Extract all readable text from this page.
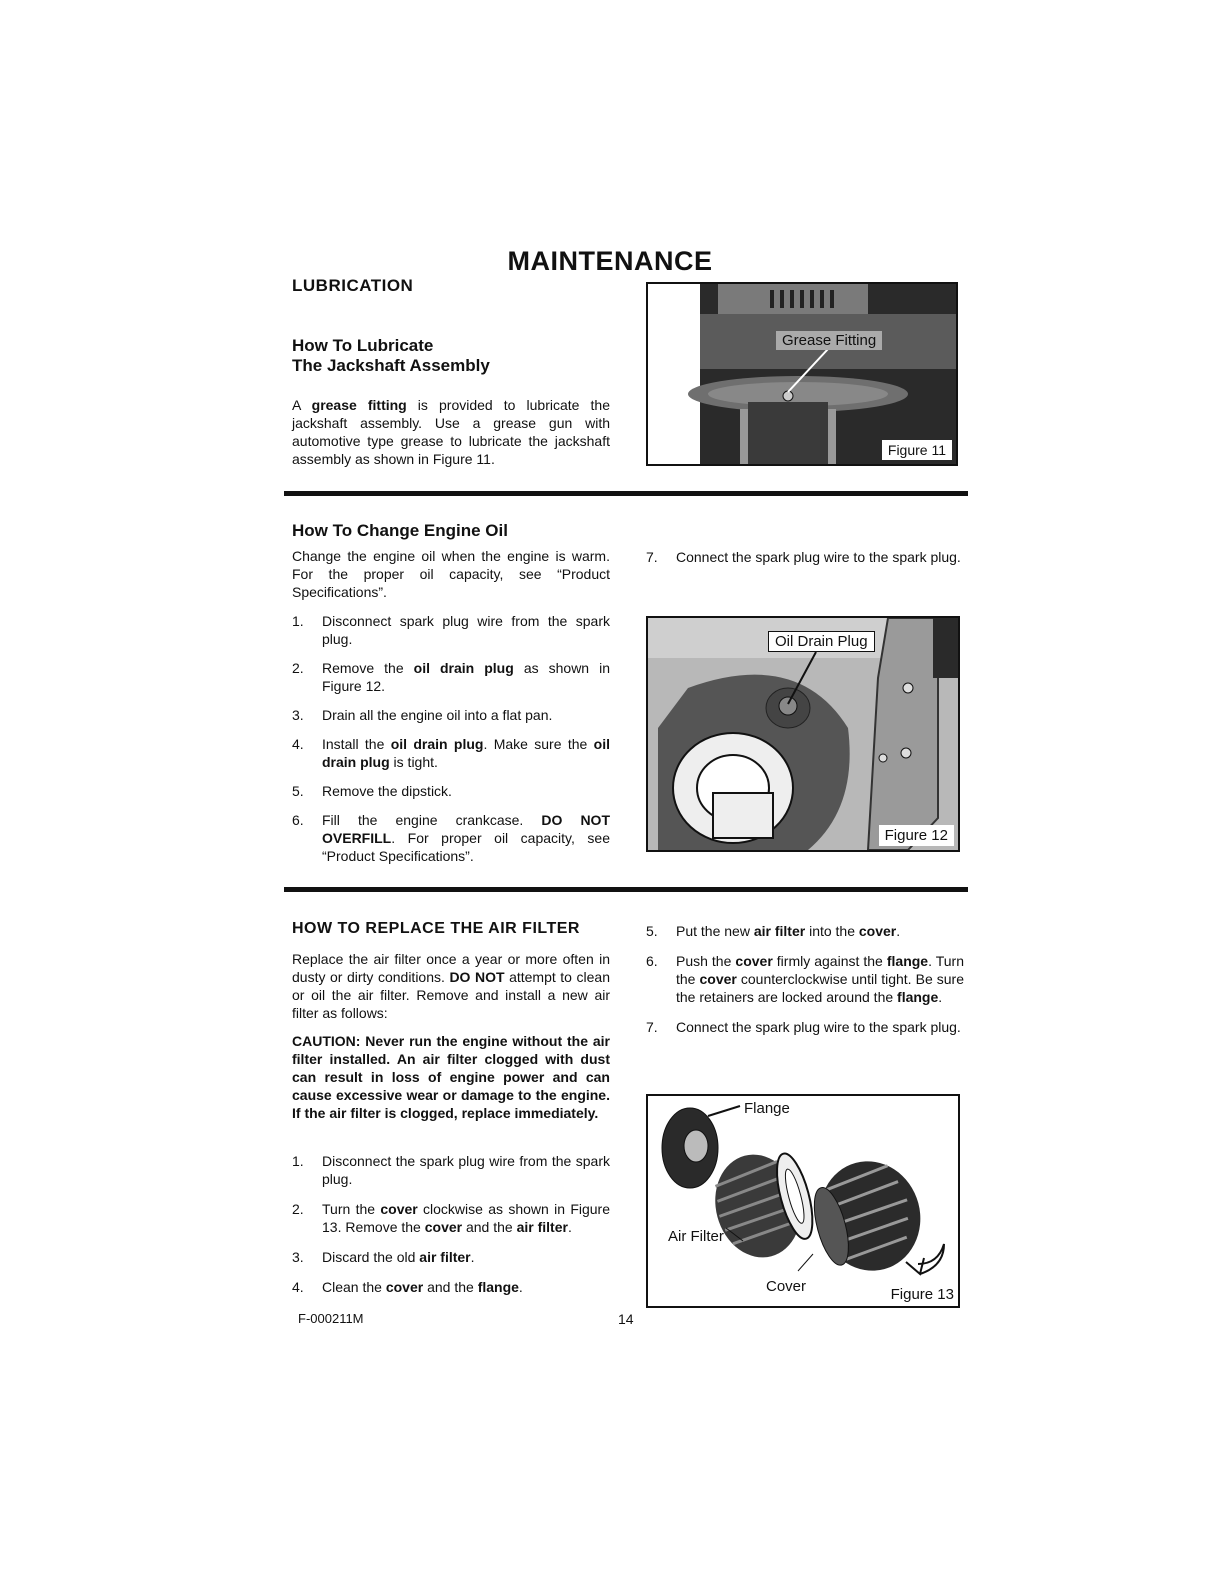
MAINTENANCE
LUBRICATION
How To Lubricate
The Jackshaft Assembly
A grease fitting is provided to lubricate the jackshaft assembly. Use a grease gun with automotive type grease to lubricate the jackshaft assembly as shown in Figure 11.
Grease Fitting
Figure 11
How To Change Engine Oil
Change the engine oil when the engine is warm. For the proper oil capacity, see “Product Specifications”.
1. Disconnect spark plug wire from the spark plug.
2. Remove the oil drain plug as shown in Figure 12.
3. Drain all the engine oil into a flat pan.
4. Install the oil drain plug. Make sure the oil drain plug is tight.
5. Remove the dipstick.
6. Fill the engine crankcase. DO NOT OVERFILL. For proper oil capacity, see “Product Specifications”.
7. Connect the spark plug wire to the spark plug.
Oil Drain Plug
Figure 12
HOW TO REPLACE THE AIR FILTER
Replace the air filter once a year or more often in dusty or dirty conditions. DO NOT attempt to clean or oil the air filter. Remove and install a new air filter as follows:
CAUTION: Never run the engine without the air filter installed. An air filter clogged with dust can result in loss of engine power and can cause excessive wear or damage to the engine. If the air filter is clogged, replace immediately.
1. Disconnect the spark plug wire from the spark plug.
2. Turn the cover clockwise as shown in Figure 13. Remove the cover and the air filter.
3. Discard the old air filter.
4. Clean the cover and the flange.
5. Put the new air filter into the cover.
6. Push the cover firmly against the flange. Turn the cover counterclockwise until tight. Be sure the retainers are locked around the flange.
7. Connect the spark plug wire to the spark plug.
Flange
Air Filter
Cover	Figure 13
F-000211M	14
